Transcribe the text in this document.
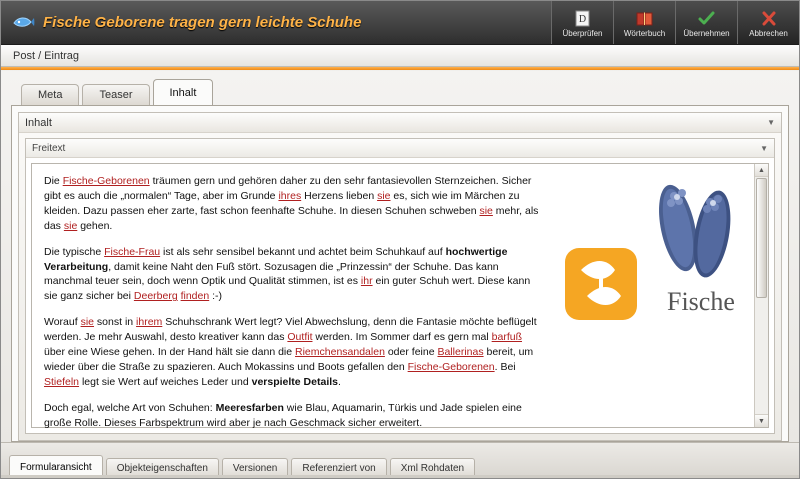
Fische Geborene tragen gern leichte Schuhe	D
Überprüfen	Wörterbuch Übernehmen Abbrechen
Post / Eintrag
Meta	Teaser	Inhalt
Inhalt	▼
Freitext	▼

Die Fische-Geborenen träumen gern und gehören daher zu den sehr fantasievollen Sternzeichen. Sicher gibt es auch die „normalen“ Tage, aber im Grunde ihres Herzens lieben sie es, sich wie im Märchen zu kleiden. Dazu passen eher zarte, fast schon feenhafte Schuhe. In diesen Schuhen schweben sie mehr, als das sie gehen.

Die typische Fische-Frau ist als sehr sensibel bekannt und achtet beim Schuhkauf auf hochwertige Verarbeitung, damit keine Naht den Fuß stört. Sozusagen die „Prinzessin“ der Schuhe. Das kann manchmal teuer sein, doch wenn Optik und Qualität stimmen, ist es ihr ein guter Schuh wert. Diese kann sie ganz sicher bei Deerberg finden :-)

Worauf sie sonst in ihrem Schuhschrank Wert legt? Viel Abwechslung, denn die Fantasie möchte beflügelt werden. Je mehr Auswahl, desto kreativer kann das Outfit werden. Im Sommer darf es gern mal barfuß über eine Wiese gehen. In der Hand hält sie dann die Riemchensandalen oder feine Ballerinas bereit, um wieder über die Straße zu spazieren. Auch Mokassins und Boots gefallen den Fische-Geborenen. Bei Stiefeln legt sie Wert auf weiches Leder und verspielte Details.

Doch egal, welche Art von Schuhen: Meeresfarben wie Blau, Aquamarin, Türkis und Jade spielen eine große Rolle. Dieses Farbspektrum wird aber je nach Geschmack sicher erweitert.

Fische
▲
▼
Formularansicht	Objekteigenschaften	Versionen	Referenziert von	Xml Rohdaten
